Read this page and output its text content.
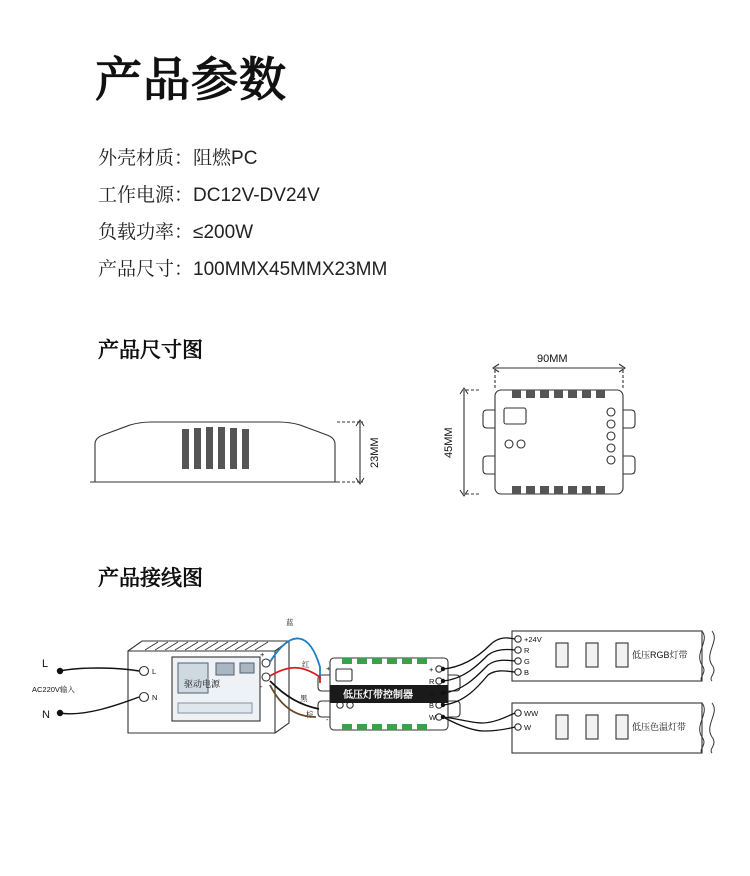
产品参数
外壳材质：阻燃PC
工作电源：DC12V-DV24V
负载功率：≤200W
产品尺寸：100MMX45MMX23MM
产品尺寸图
产品接线图
23MM
90MM
45MM
驱动电源
L
N
+
-
L
N
AC220V输入
低压灯带控制器
+
-
+
R
G
B
W
蓝
红
黑
棕
+24V
R
G
B
低压RGB灯带
WW
W	低压色温灯带
